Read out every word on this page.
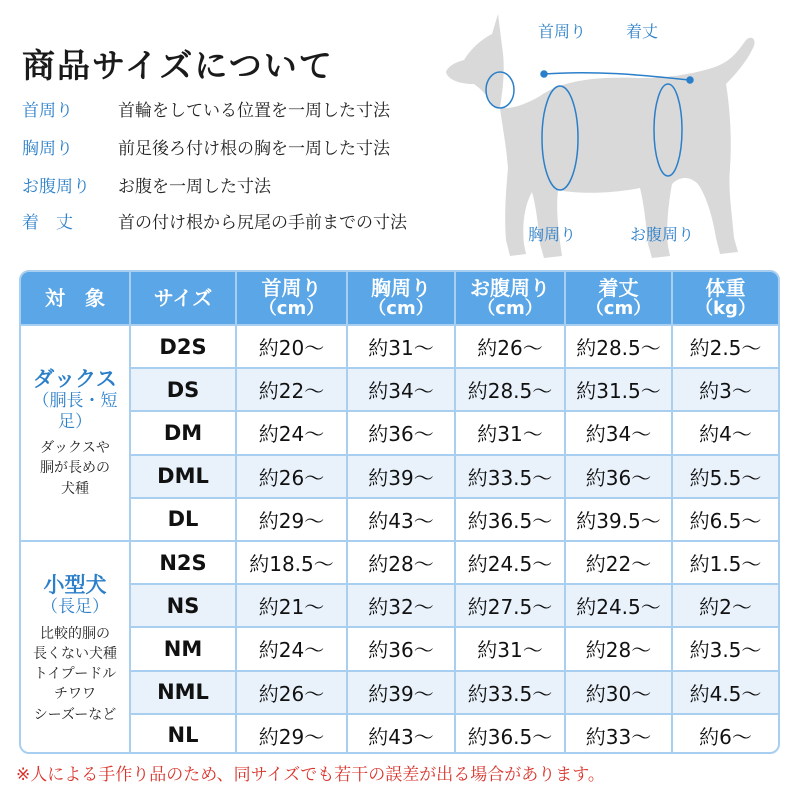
商品サイズについて
首周り	首輪をしている位置を一周した寸法
胸周り	前足後ろ付け根の胸を一周した寸法
お腹周り お腹を一周した寸法
着　丈	首の付け根から尻尾の手前までの寸法
首周り 着丈
胸周り	お腹周り
対　象 サイズ 首周り
（cm）
胸周り
（cm）
お腹周り
（cm）
着丈
（cm）
体重
（kg）
ダックス
（胴長・短足）
ダックスや
胴が長めの
犬種
D2S	約20～	約31～	約26～	約28.5～	約2.5～
DS	約22～	約34～	約28.5～	約31.5～	約3～
DM	約24～	約36～	約31～	約34～	約4～
DML	約26～	約39～	約33.5～	約36～	約5.5～
DL	約29～	約43～	約36.5～	約39.5～	約6.5～
小型犬
（長足）
比較的胴の
長くない犬種
トイプードル
チワワ
シーズーなど
N2S	約18.5～	約28～	約24.5～	約22～	約1.5～
NS	約21～	約32～	約27.5～	約24.5～	約2～
NM	約24～	約36～	約31～	約28～	約3.5～
NML	約26～	約39～	約33.5～	約30～	約4.5～
NL	約29～	約43～	約36.5～	約33～	約6～
※人による手作り品のため、同サイズでも若干の誤差が出る場合があります。
